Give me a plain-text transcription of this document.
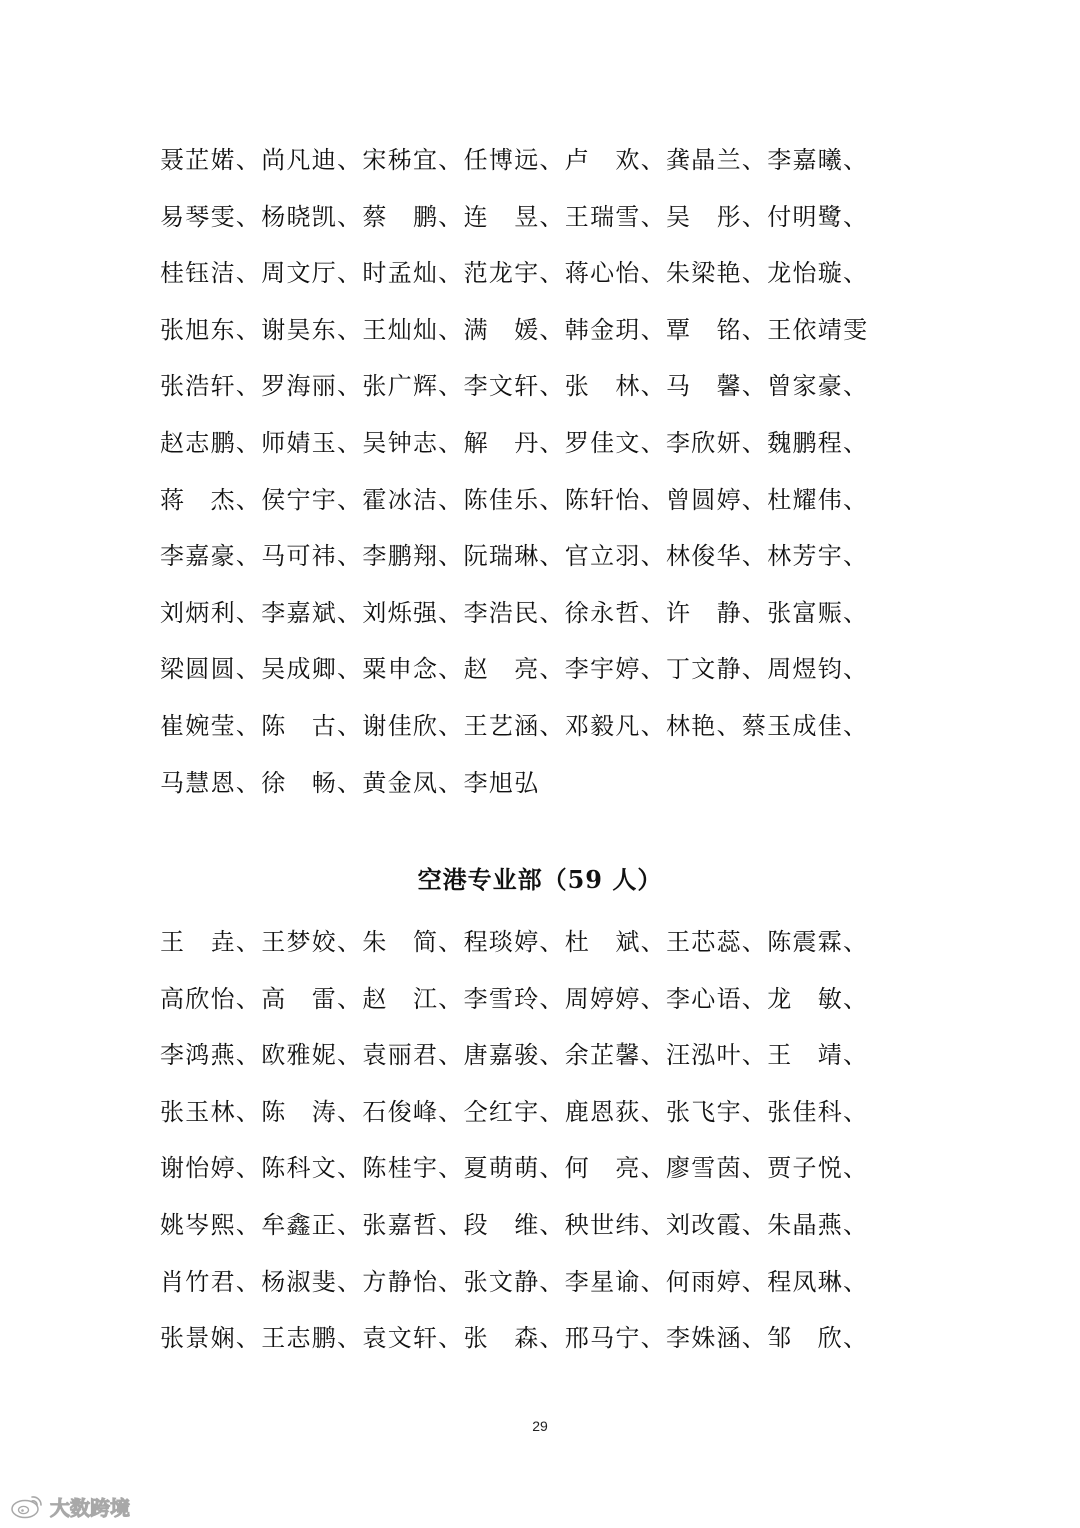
聂芷婼、尚凡迪、宋秭宜、任博远、卢　欢、龚晶兰、李嘉曦、
易琴雯、杨晓凯、蔡　鹏、连　昱、王瑞雪、吴　彤、付明鹭、
桂钰洁、周文厅、时孟灿、范龙宇、蒋心怡、朱梁艳、龙怡璇、
张旭东、谢昊东、王灿灿、满　媛、韩金玥、覃　铭、王依靖雯
张浩轩、罗海丽、张广辉、李文轩、张　林、马　馨、曾家豪、
赵志鹏、师婧玉、吴钟志、解　丹、罗佳文、李欣妍、魏鹏程、
蒋　杰、侯宁宇、霍冰洁、陈佳乐、陈轩怡、曾圆婷、杜耀伟、
李嘉豪、马可祎、李鹏翔、阮瑞琳、官立羽、林俊华、林芳宇、
刘炳利、李嘉斌、刘烁强、李浩民、徐永哲、许　静、张富赈、
梁圆圆、吴成卿、粟申念、赵　亮、李宇婷、丁文静、周煜钧、
崔婉莹、陈　古、谢佳欣、王艺涵、邓毅凡、林艳、蔡玉成佳、
马慧恩、徐　畅、黄金凤、李旭弘
空港专业部（59 人）
王　垚、王梦姣、朱　简、程琰婷、杜　斌、王芯蕊、陈震霖、
高欣怡、高　雷、赵　江、李雪玲、周婷婷、李心语、龙　敏、
李鸿燕、欧雅妮、袁丽君、唐嘉骏、余芷馨、汪泓叶、王　靖、
张玉林、陈　涛、石俊峰、仝红宇、鹿恩荻、张飞宇、张佳科、
谢怡婷、陈科文、陈桂宇、夏萌萌、何　亮、廖雪茵、贾子悦、
姚岑熙、牟鑫正、张嘉哲、段　维、秧世纬、刘改霞、朱晶燕、
肖竹君、杨淑斐、方静怡、张文静、李星谕、何雨婷、程凤琳、
张景娴、王志鹏、袁文轩、张　森、邢马宁、李姝涵、邹　欣、
29
大数跨境
